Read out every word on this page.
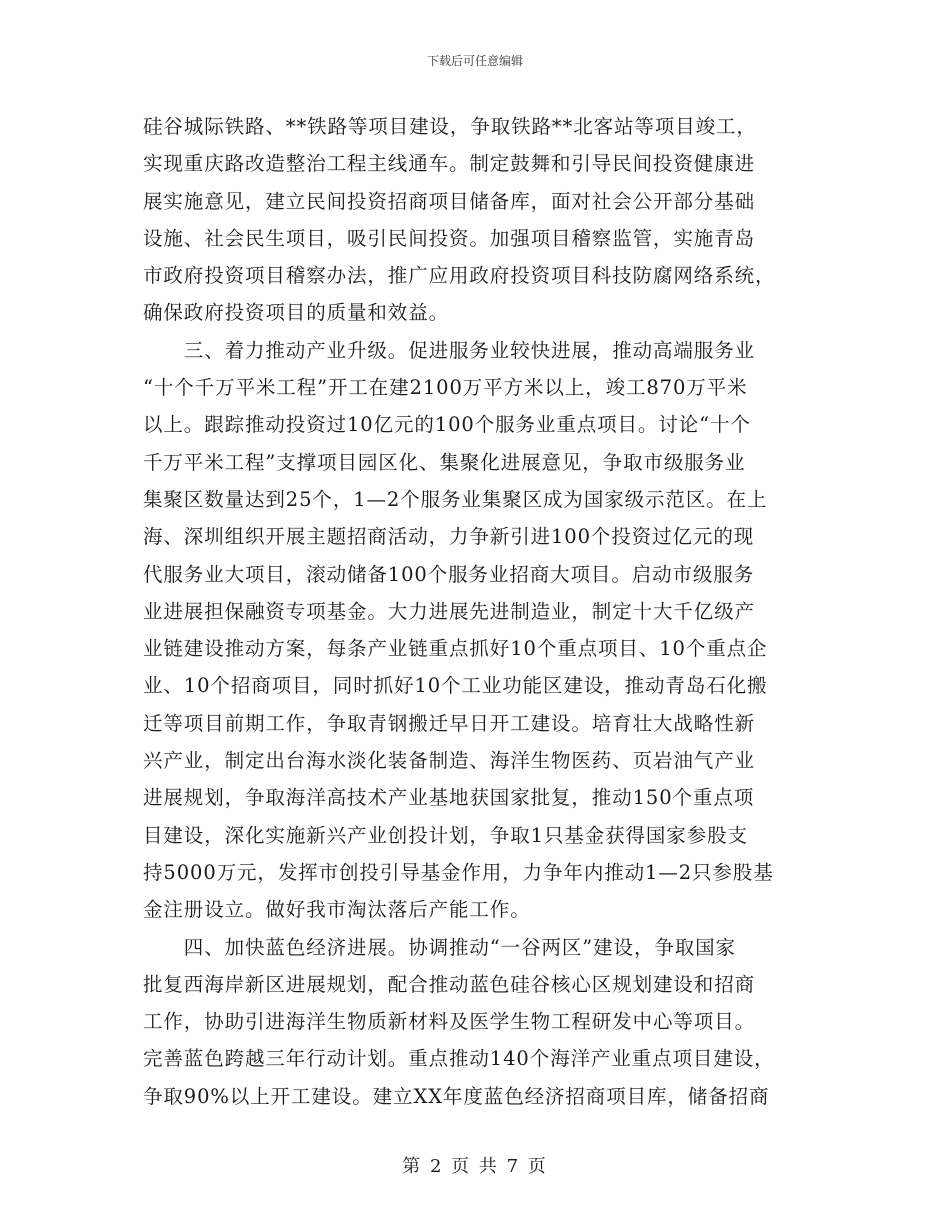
下载后可任意编辑
硅谷城际铁路、**铁路等项目建设，争取铁路**北客站等项目竣工，
实现重庆路改造整治工程主线通车。制定鼓舞和引导民间投资健康进
展实施意见，建立民间投资招商项目储备库，面对社会公开部分基础
设施、社会民生项目，吸引民间投资。加强项目稽察监管，实施青岛
市政府投资项目稽察办法，推广应用政府投资项目科技防腐网络系统，
确保政府投资项目的质量和效益。
　　三、着力推动产业升级。促进服务业较快进展，推动高端服务业
“十个千万平米工程”开工在建2100万平方米以上，竣工870万平米
以上。跟踪推动投资过10亿元的100个服务业重点项目。讨论“十个
千万平米工程”支撑项目园区化、集聚化进展意见，争取市级服务业
集聚区数量达到25个，1—2个服务业集聚区成为国家级示范区。在上
海、深圳组织开展主题招商活动，力争新引进100个投资过亿元的现
代服务业大项目，滚动储备100个服务业招商大项目。启动市级服务
业进展担保融资专项基金。大力进展先进制造业，制定十大千亿级产
业链建设推动方案，每条产业链重点抓好10个重点项目、10个重点企
业、10个招商项目，同时抓好10个工业功能区建设，推动青岛石化搬
迁等项目前期工作，争取青钢搬迁早日开工建设。培育壮大战略性新
兴产业，制定出台海水淡化装备制造、海洋生物医药、页岩油气产业
进展规划，争取海洋高技术产业基地获国家批复，推动150个重点项
目建设，深化实施新兴产业创投计划，争取1只基金获得国家参股支
持5000万元，发挥市创投引导基金作用，力争年内推动1—2只参股基
金注册设立。做好我市淘汰落后产能工作。
　　四、加快蓝色经济进展。协调推动“一谷两区”建设，争取国家
批复西海岸新区进展规划，配合推动蓝色硅谷核心区规划建设和招商
工作，协助引进海洋生物质新材料及医学生物工程研发中心等项目。
完善蓝色跨越三年行动计划。重点推动140个海洋产业重点项目建设，
争取90%以上开工建设。建立XX年度蓝色经济招商项目库，储备招商
第 2 页 共 7 页
